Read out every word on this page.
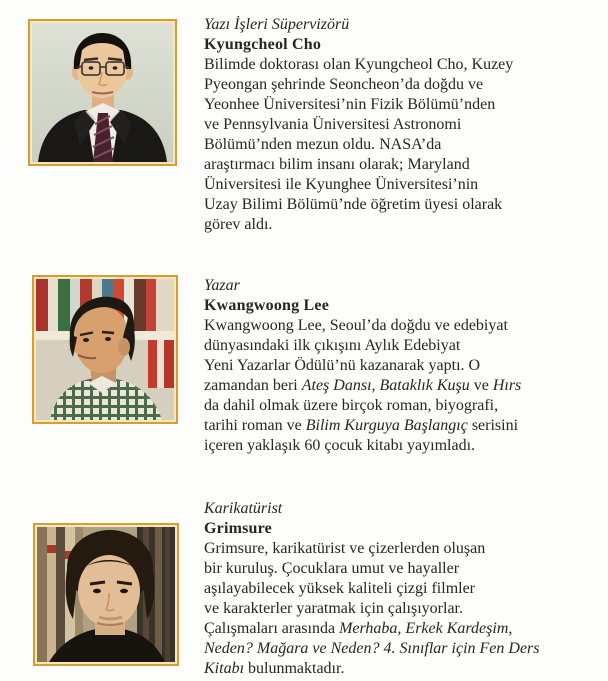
Yazı İşleri Süpervizörü
Kyungcheol Cho
Bilimde doktorası olan Kyungcheol Cho, Kuzey
Pyeongan şehrinde Seoncheon’da doğdu ve
Yeonhee Üniversitesi’nin Fizik Bölümü’nden
ve Pennsylvania Üniversitesi Astronomi
Bölümü’nden mezun oldu. NASA’da
araştırmacı bilim insanı olarak; Maryland
Üniversitesi ile Kyunghee Üniversitesi’nin
Uzay Bilimi Bölümü’nde öğretim üyesi olarak
görev aldı.
Yazar
Kwangwoong Lee
Kwangwoong Lee, Seoul’da doğdu ve edebiyat
dünyasındaki ilk çıkışını Aylık Edebiyat
Yeni Yazarlar Ödülü’nü kazanarak yaptı. O
zamandan beri Ateş Dansı, Bataklık Kuşu ve Hırs
da dahil olmak üzere birçok roman, biyografi,
tarihi roman ve Bilim Kurguya Başlangıç serisini
içeren yaklaşık 60 çocuk kitabı yayımladı.
Karikatürist
Grimsure
Grimsure, karikatürist ve çizerlerden oluşan
bir kuruluş. Çocuklara umut ve hayaller
aşılayabilecek yüksek kaliteli çizgi filmler
ve karakterler yaratmak için çalışıyorlar.
Çalışmaları arasında Merhaba, Erkek Kardeşim,
Neden? Mağara ve Neden? 4. Sınıflar için Fen Ders
Kitabı bulunmaktadır.
